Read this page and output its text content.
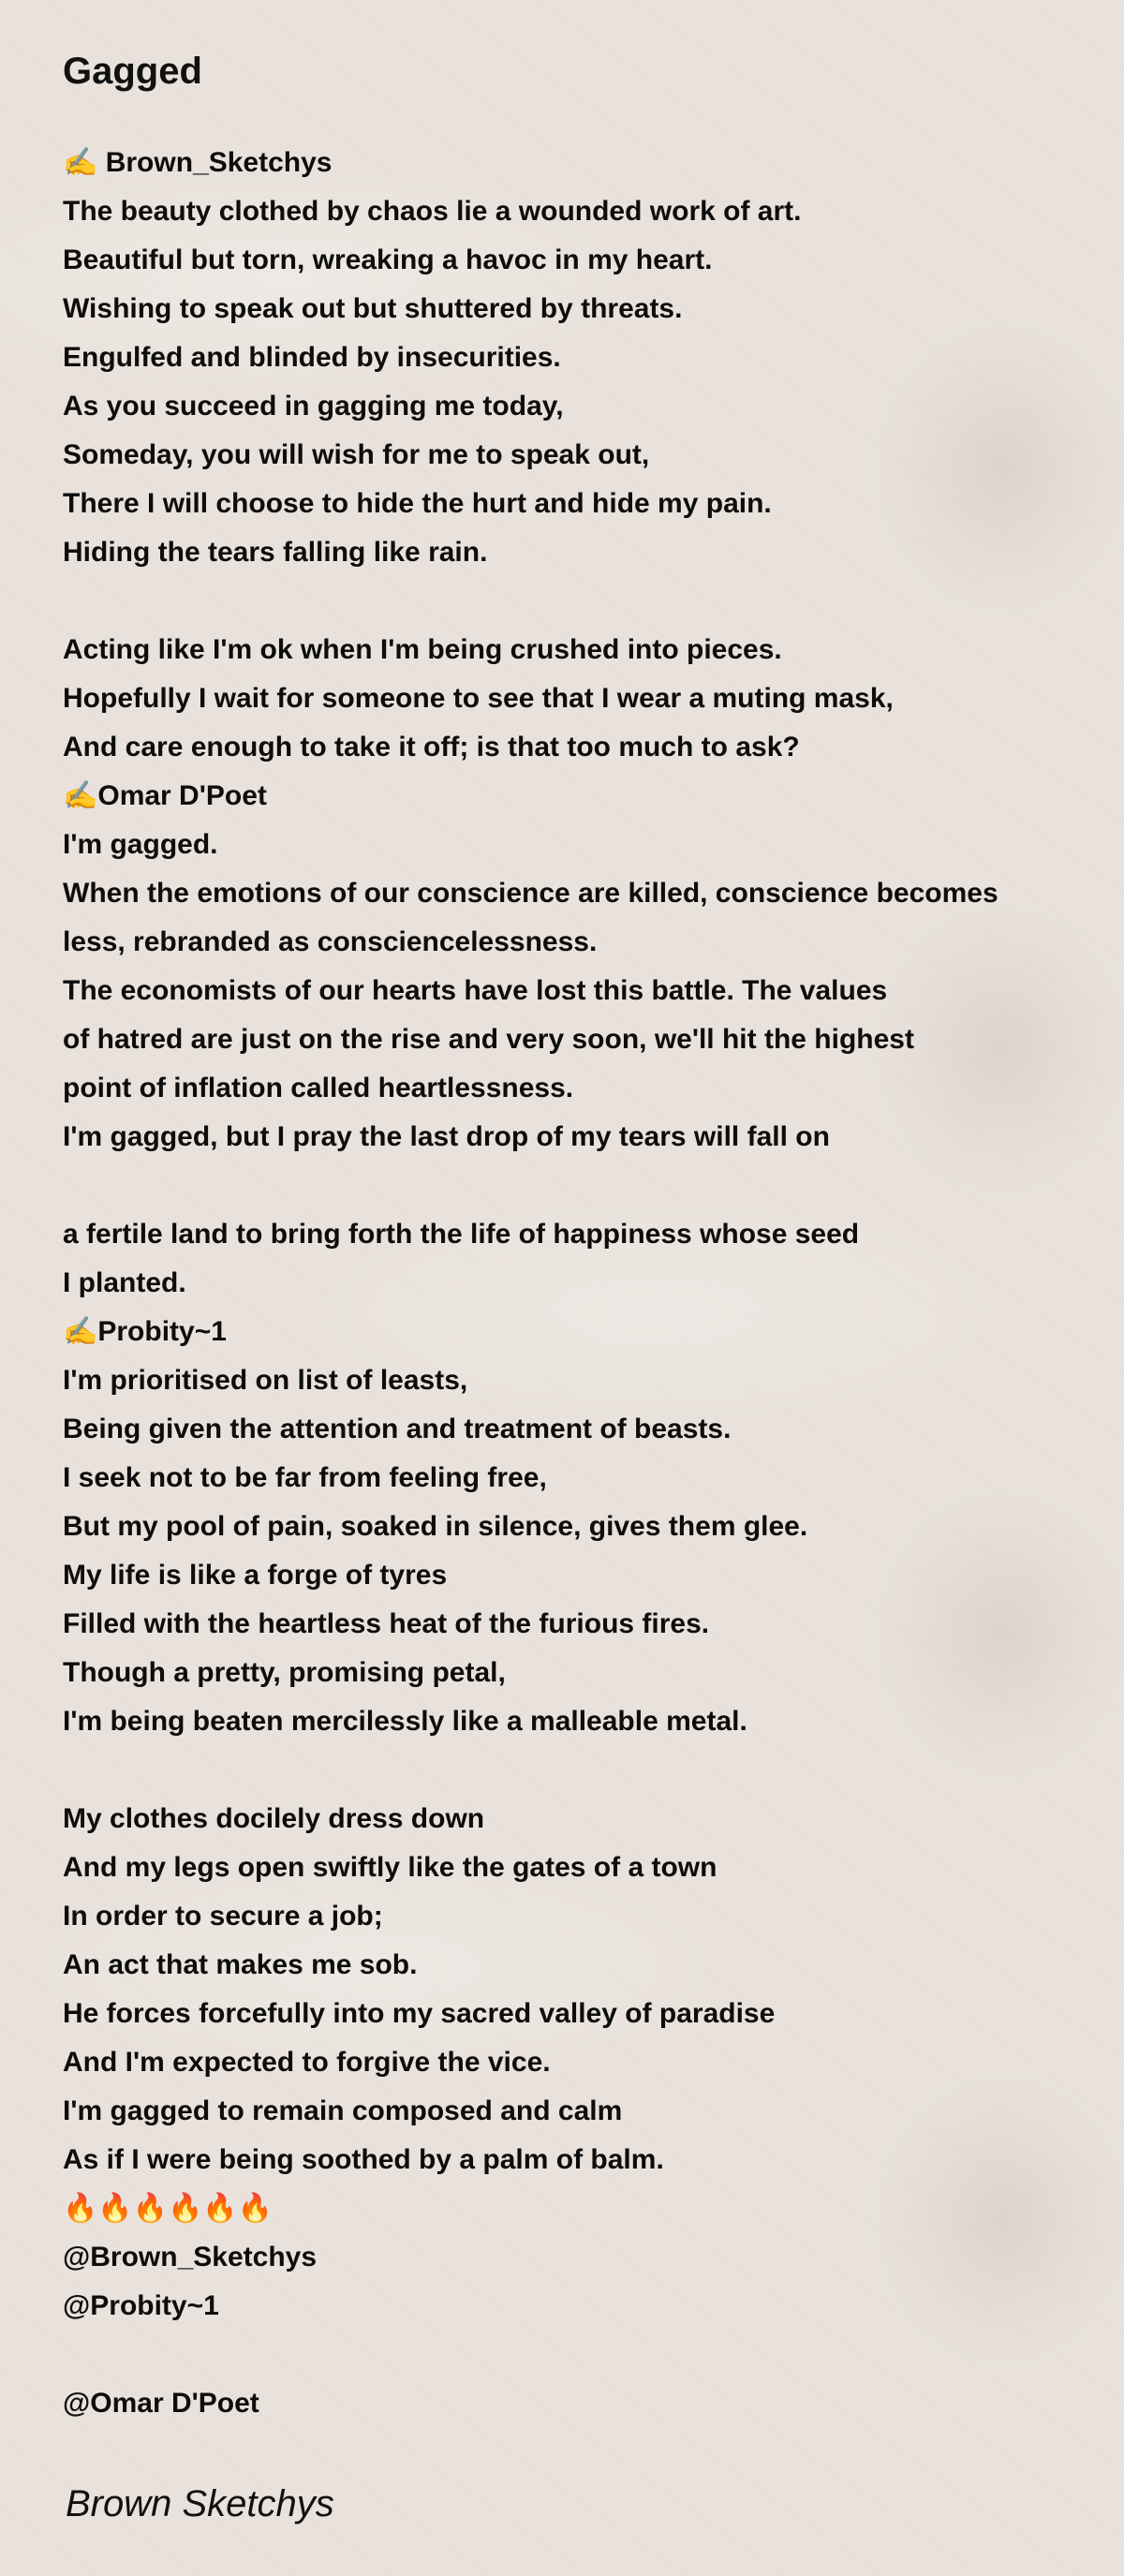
Gagged
✍️ Brown_Sketchys
The beauty clothed by chaos lie a wounded work of art.
Beautiful but torn, wreaking a havoc in my heart.
Wishing to speak out but shuttered by threats.
Engulfed and blinded by insecurities.
As you succeed in gagging me today,
Someday, you will wish for me to speak out,
There I will choose to hide the hurt and hide my pain.
Hiding the tears falling like rain.
Acting like I'm ok when I'm being crushed into pieces.
Hopefully I wait for someone to see that I wear a muting mask,
And care enough to take it off; is that too much to ask?
✍️Omar D'Poet
I'm gagged.
When the emotions of our conscience are killed, conscience becomes
less, rebranded as consciencelessness.
The economists of our hearts have lost this battle. The values
of hatred are just on the rise and very soon, we'll hit the highest
point of inflation called heartlessness.
I'm gagged, but I pray the last drop of my tears will fall on
a fertile land to bring forth the life of happiness whose seed
I planted.
✍️Probity~1
I'm prioritised on list of leasts,
Being given the attention and treatment of beasts.
I seek not to be far from feeling free,
But my pool of pain, soaked in silence, gives them glee.
My life is like a forge of tyres
Filled with the heartless heat of the furious fires.
Though a pretty, promising petal,
I'm being beaten mercilessly like a malleable metal.
My clothes docilely dress down
And my legs open swiftly like the gates of a town
In order to secure a job;
An act that makes me sob.
He forces forcefully into my sacred valley of paradise
And I'm expected to forgive the vice.
I'm gagged to remain composed and calm
As if I were being soothed by a palm of balm.
🔥🔥🔥🔥🔥🔥
@Brown_Sketchys
@Probity~1
@Omar D'Poet

Brown Sketchys
